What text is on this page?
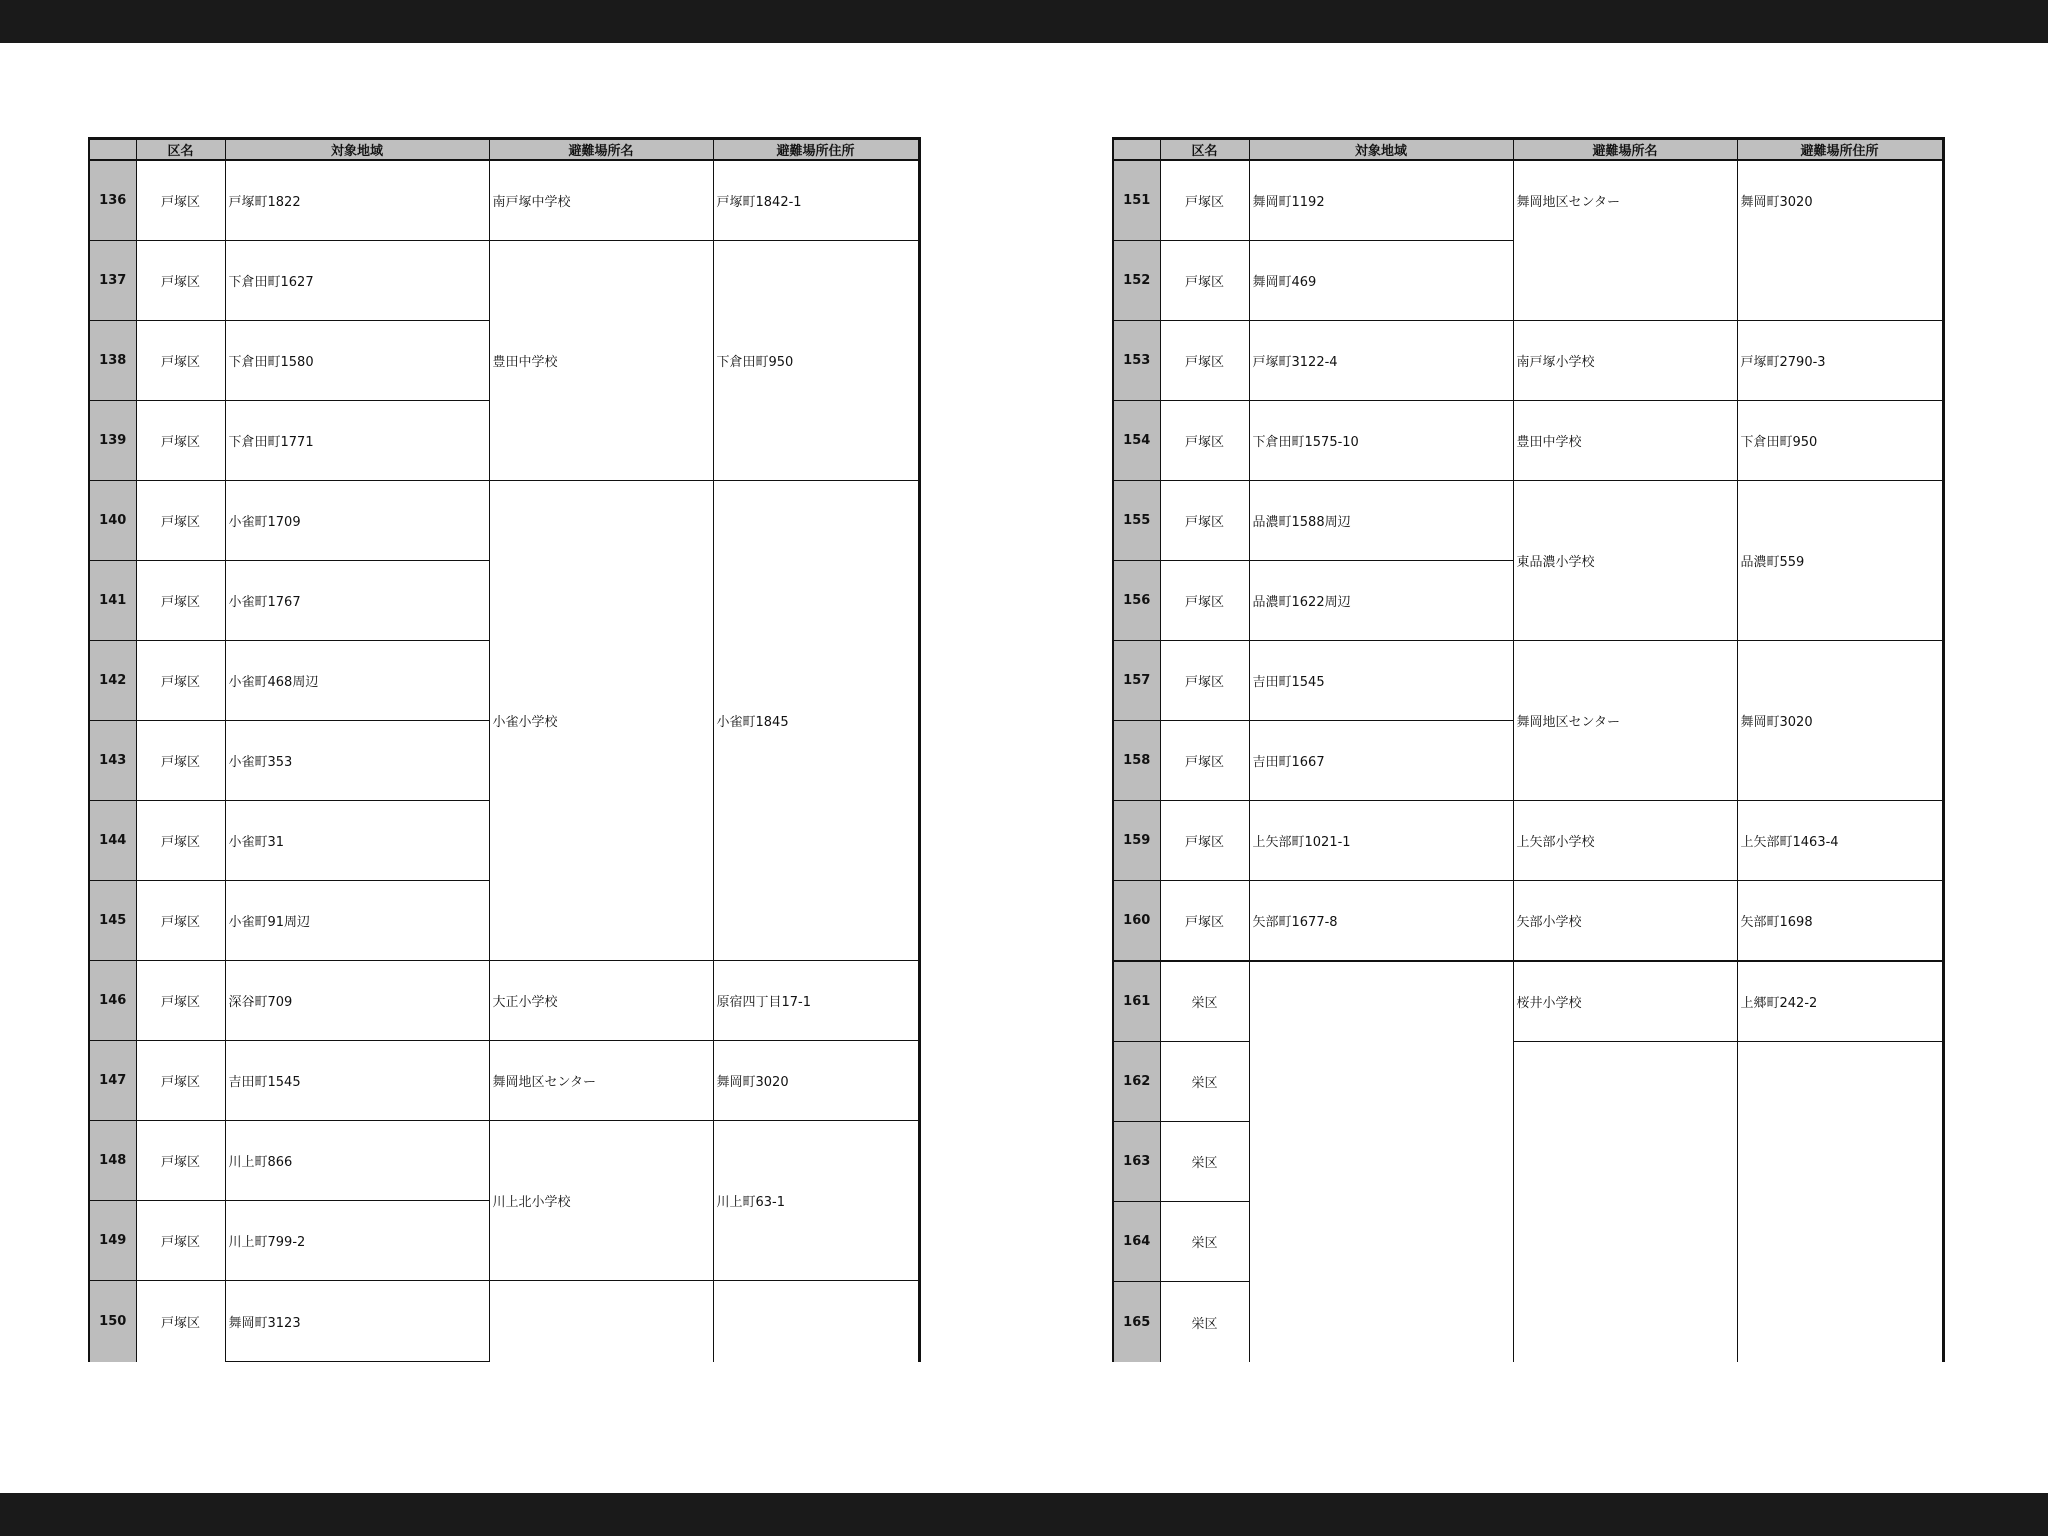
	区名	対象地域	避難場所名	避難場所住所
136	戸塚区	戸塚町1822	南戸塚中学校	戸塚町1842-1
137	戸塚区	下倉田町1627	豊田中学校	下倉田町950
138	戸塚区	下倉田町1580		
139	戸塚区	下倉田町1771		
140	戸塚区	小雀町1709	小雀小学校	小雀町1845
141	戸塚区	小雀町1767		
142	戸塚区	小雀町468周辺		
143	戸塚区	小雀町353		
144	戸塚区	小雀町31		
145	戸塚区	小雀町91周辺		
146	戸塚区	深谷町709	大正小学校	原宿四丁目17-1
147	戸塚区	吉田町1545	舞岡地区センター	舞岡町3020
148	戸塚区	川上町866	川上北小学校	川上町63-1
149	戸塚区	川上町799-2		
150	戸塚区	舞岡町3123		
	区名	対象地域	避難場所名	避難場所住所
151	戸塚区	舞岡町1192	舞岡地区センター	舞岡町3020
152	戸塚区	舞岡町469		
153	戸塚区	戸塚町3122-4	南戸塚小学校	戸塚町2790-3
154	戸塚区	下倉田町1575-10	豊田中学校	下倉田町950
155	戸塚区	品濃町1588周辺	東品濃小学校	品濃町559
156	戸塚区	品濃町1622周辺		
157	戸塚区	吉田町1545	舞岡地区センター	舞岡町3020
158	戸塚区	吉田町1667		
159	戸塚区	上矢部町1021-1	上矢部小学校	上矢部町1463-4
160	戸塚区	矢部町1677-8	矢部小学校	矢部町1698
161	栄区		桜井小学校	上郷町242-2
162	栄区			
163	栄区			
164	栄区			
165	栄区			
